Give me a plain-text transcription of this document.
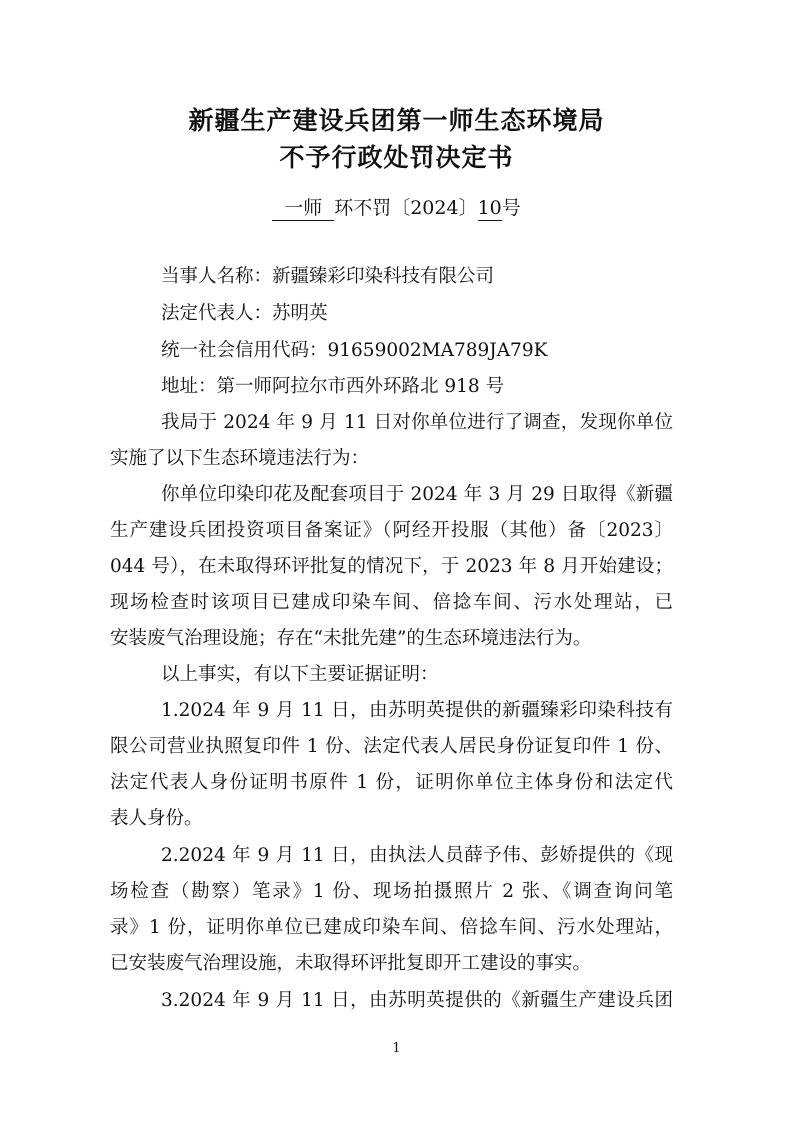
新疆生产建设兵团第一师生态环境局
不予行政处罚决定书
一师 环不罚〔2024〕10号
当事人名称：新疆臻彩印染科技有限公司
法定代表人：苏明英
统一社会信用代码：91659002MA789JA79K
地址：第一师阿拉尔市西外环路北 918 号
我局于 2024 年 9 月 11 日对你单位进行了调查，发现你单位
实施了以下生态环境违法行为：
你单位印染印花及配套项目于 2024 年 3 月 29 日取得《新疆
生产建设兵团投资项目备案证》（阿经开投服（其他）备〔2023〕
044 号），在未取得环评批复的情况下，于 2023 年 8 月开始建设；
现场检查时该项目已建成印染车间、倍捻车间、污水处理站，已
安装废气治理设施；存在“未批先建”的生态环境违法行为。
以上事实，有以下主要证据证明：
1.2024 年 9 月 11 日，由苏明英提供的新疆臻彩印染科技有
限公司营业执照复印件 1 份、法定代表人居民身份证复印件 1 份、
法定代表人身份证明书原件 1 份，证明你单位主体身份和法定代
表人身份。
2.2024 年 9 月 11 日，由执法人员薛予伟、彭娇提供的《现
场检查（勘察）笔录》1 份、现场拍摄照片 2 张、《调查询问笔
录》1 份，证明你单位已建成印染车间、倍捻车间、污水处理站，
已安装废气治理设施，未取得环评批复即开工建设的事实。
3.2024 年 9 月 11 日，由苏明英提供的《新疆生产建设兵团
1
